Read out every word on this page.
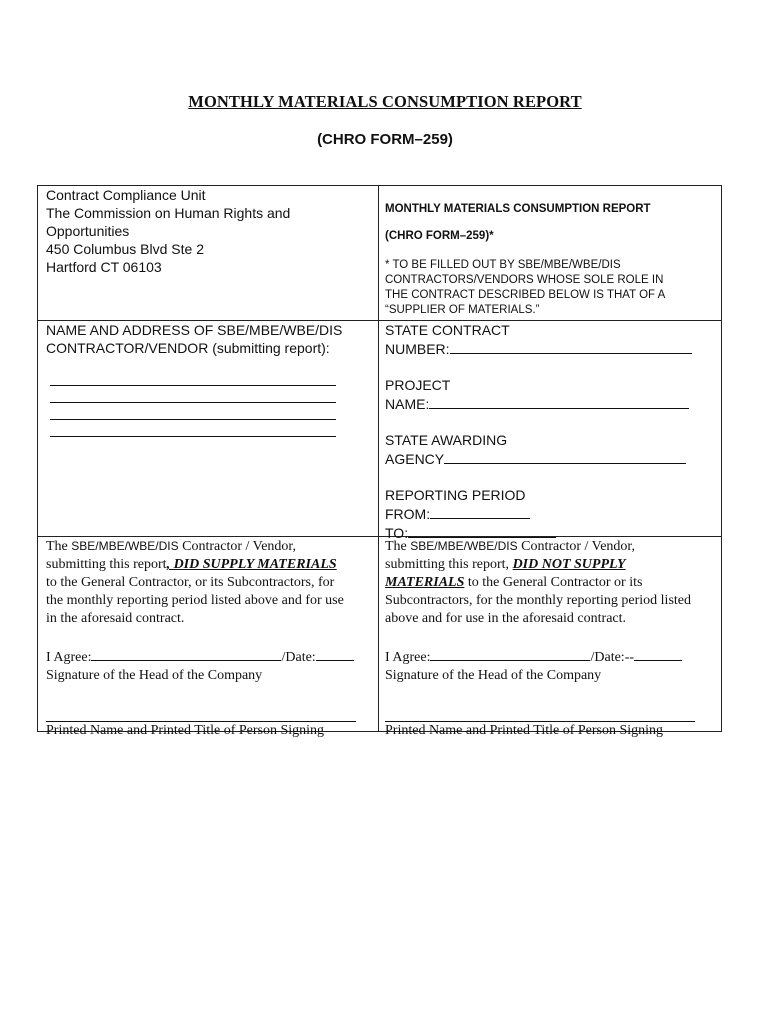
MONTHLY MATERIALS CONSUMPTION REPORT
(CHRO FORM–259)
Contract Compliance Unit
The Commission on Human Rights and
Opportunities
450 Columbus Blvd Ste 2
Hartford CT 06103
MONTHLY MATERIALS CONSUMPTION REPORT
(CHRO FORM–259)*
* TO BE FILLED OUT BY SBE/MBE/WBE/DIS
CONTRACTORS/VENDORS WHOSE SOLE ROLE IN
THE CONTRACT DESCRIBED BELOW IS THAT OF A
“SUPPLIER OF MATERIALS.”
NAME AND ADDRESS OF SBE/MBE/WBE/DIS
CONTRACTOR/VENDOR (submitting report):
STATE CONTRACT
NUMBER:
PROJECT
NAME:
STATE AWARDING
AGENCY
REPORTING PERIOD
FROM:
TO:
The SBE/MBE/WBE/DIS Contractor / Vendor,
submitting this report, DID SUPPLY MATERIALS
to the General Contractor, or its Subcontractors, for
the monthly reporting period listed above and for use
in the aforesaid contract.
I Agree:	/Date:
Signature of the Head of the Company
Printed Name and Printed Title of Person Signing
The SBE/MBE/WBE/DIS Contractor / Vendor,
submitting this report, DID NOT SUPPLY
MATERIALS to the General Contractor or its
Subcontractors, for the monthly reporting period listed
above and for use in the aforesaid contract.
I Agree:	/Date:--
Signature of the Head of the Company
Printed Name and Printed Title of Person Signing
